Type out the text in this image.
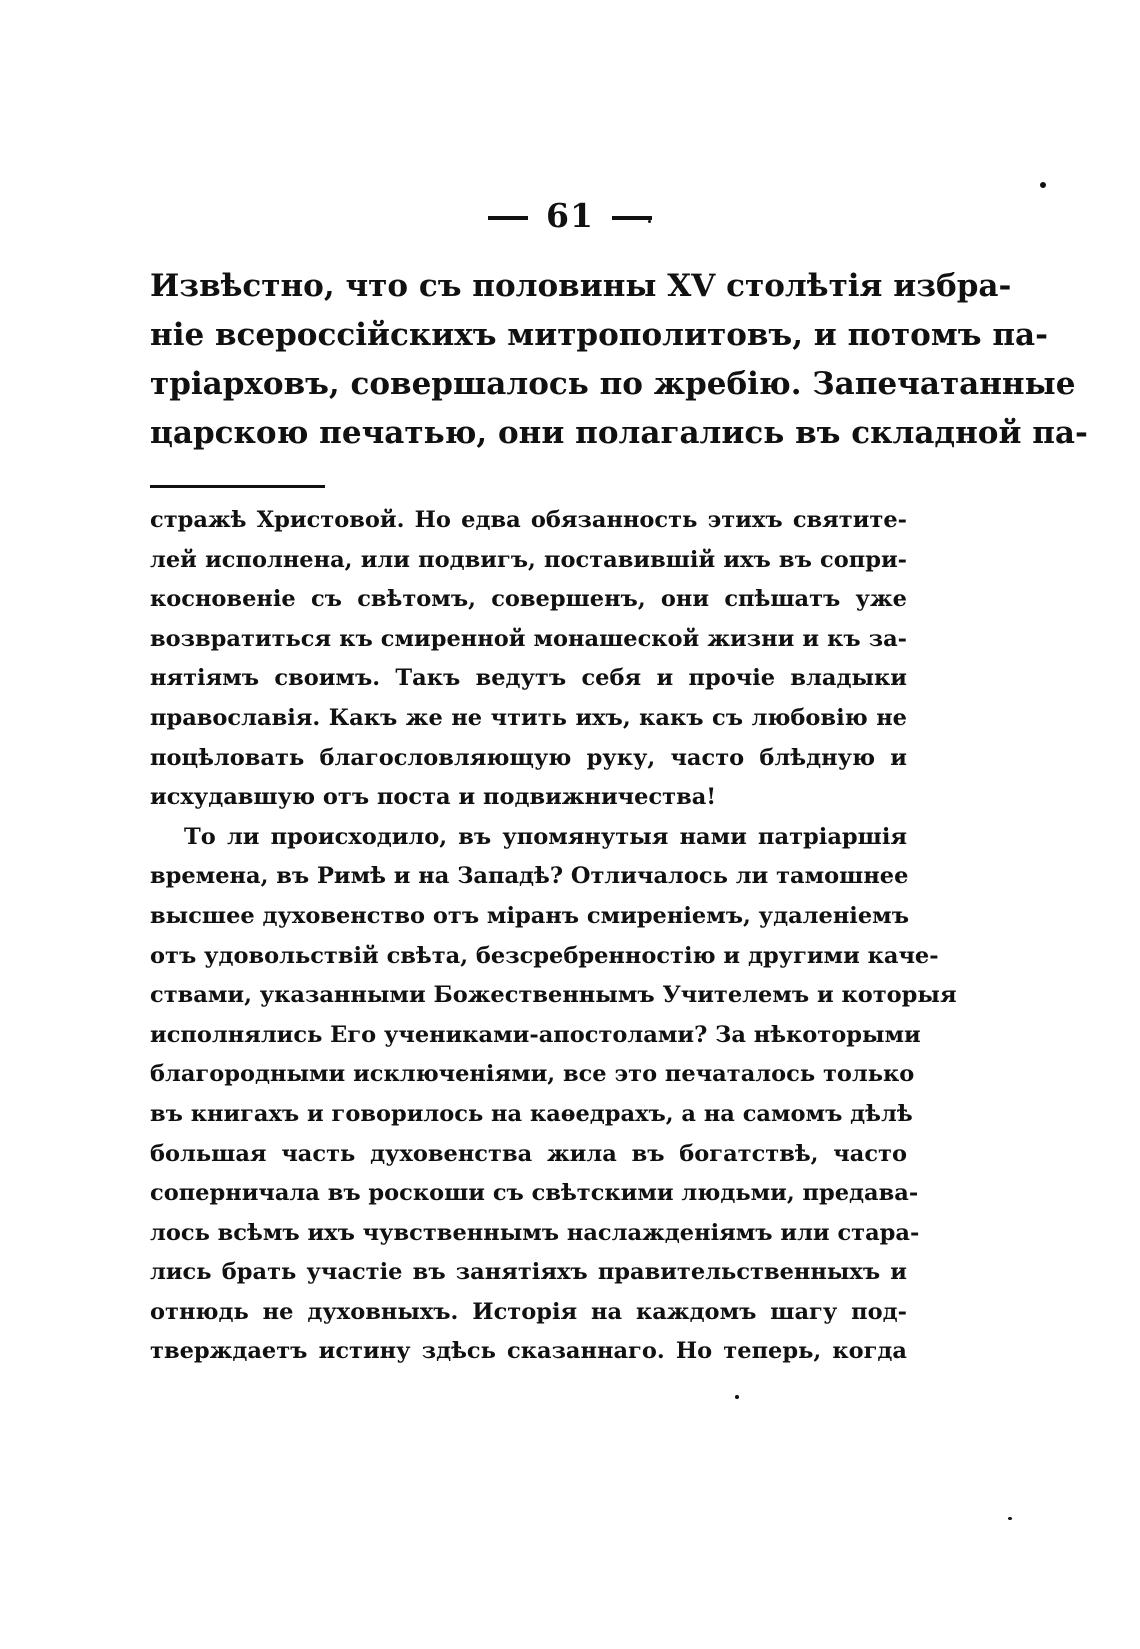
61
Извѣстно, что съ половины XV столѣтія избра-
ніе всероссійскихъ митрополитовъ, и потомъ па-
тріарховъ, совершалось по жребію. Запечатанные
царскою печатью, они полагались въ складной па-
стражѣ Христовой. Но едва обязанность этихъ святите-
лей исполнена, или подвигъ, поставившій ихъ въ сопри-
косновеніе съ свѣтомъ, совершенъ, они спѣшатъ уже
возвратиться къ смиренной монашеской жизни и къ за-
нятіямъ своимъ. Такъ ведутъ себя и прочіе владыки
православія. Какъ же не чтить ихъ, какъ съ любовію не
поцѣловать благословляющую руку, часто блѣдную и
исхудавшую отъ поста и подвижничества!
То ли происходило, въ упомянутыя нами патріаршія
времена, въ Римѣ и на Западѣ? Отличалось ли тамошнее
высшее духовенство отъ міранъ смиреніемъ, удаленіемъ
отъ удовольствій свѣта, безсребренностію и другими каче-
ствами, указанными Божественнымъ Учителемъ и которыя
исполнялись Его учениками-апостолами? За нѣкоторыми
благородными исключеніями, все это печаталось только
въ книгахъ и говорилось на каѳедрахъ, а на самомъ дѣлѣ
большая часть духовенства жила въ богатствѣ, часто
соперничала въ роскоши съ свѣтскими людьми, предава-
лось всѣмъ ихъ чувственнымъ наслажденіямъ или стара-
лись брать участіе въ занятіяхъ правительственныхъ и
отнюдь не духовныхъ. Исторія на каждомъ шагу под-
тверждаетъ истину здѣсь сказаннаго. Но теперь, когда
